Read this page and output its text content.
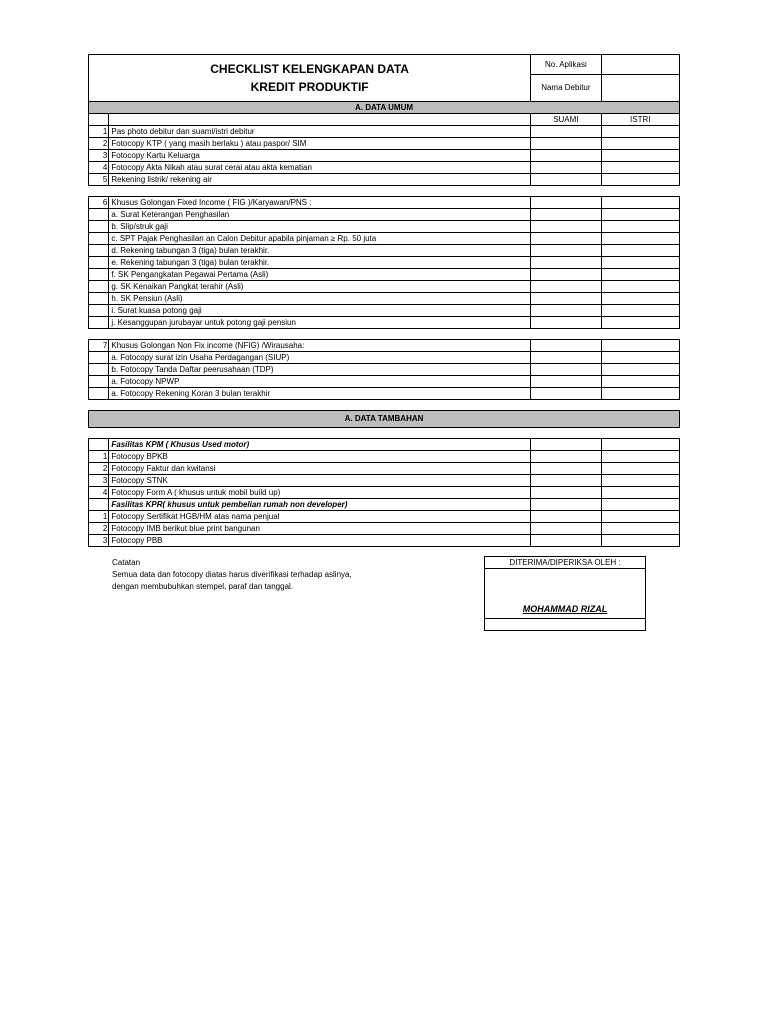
CHECKLIST KELENGKAPAN DATA
KREDIT PRODUKTIF		No. Aplikasi	
		Nama Debitur	
A. DATA UMUM			
		SUAMI	ISTRI
1	Pas photo debitur dan suami/istri debitur		
2	Fotocopy KTP ( yang masih berlaku ) atau paspor/ SIM		
3	Fotocopy Kartu Keluarga		
4	Fotocopy Akta Nikah atau surat cerai atau akta kematian		
5	Rekening listrik/ rekening air		

6	Khusus Golongan Fixed Income ( FIG )/Karyawan/PNS :		
	a. Surat Keterangan Penghasilan		
	b. Slip/struk gaji		
	c. SPT Pajak Penghasilan an Calon Debitur apabila pinjaman ≥ Rp. 50 juta		
	d. Rekening tabungan 3 (tiga) bulan terakhir.		
	e. Rekening tabungan 3 (tiga) bulan terakhir.		
	f. SK Pengangkatan Pegawai Pertama (Asli)		
	g. SK Kenaikan Pangkat terahir (Asli)		
	h. SK Pensiun (Asli)		
	i. Surat kuasa potong gaji		
	j. Kesanggupan jurubayar untuk potong gaji pensiun		

7	Khusus Golongan Non Fix income (NFIG) /Wirausaha:		
	a. Fotocopy surat izin Usaha Perdagangan (SIUP)		
	b. Fotocopy Tanda Daftar peerusahaan (TDP)		
	a. Fotocopy NPWP		
	a. Fotocopy Rekening Koran 3 bulan terakhir		

A. DATA TAMBAHAN			

	Fasilitas KPM ( Khusus Used motor)		
1	Fotocopy BPKB		
2	Fotocopy Faktur dan kwitansi		
3	Fotocopy STNK		
4	Fotocopy Form A ( khusus untuk mobil build up)		
	Fasilitas KPR( khusus untuk pembelian rumah non developer)		
1	Fotocopy Sertifikat HGB/HM atas nama penjual		
2	Fotocopy IMB berikut blue print bangunan		
3	Fotocopy PBB		
Catatan
Semua data dan fotocopy diatas harus diverifikasi terhadap aslinya,
dengan membubuhkan stempel, paraf dan tanggal.
DITERIMA/DIPERIKSA OLEH :
MOHAMMAD RIZAL
